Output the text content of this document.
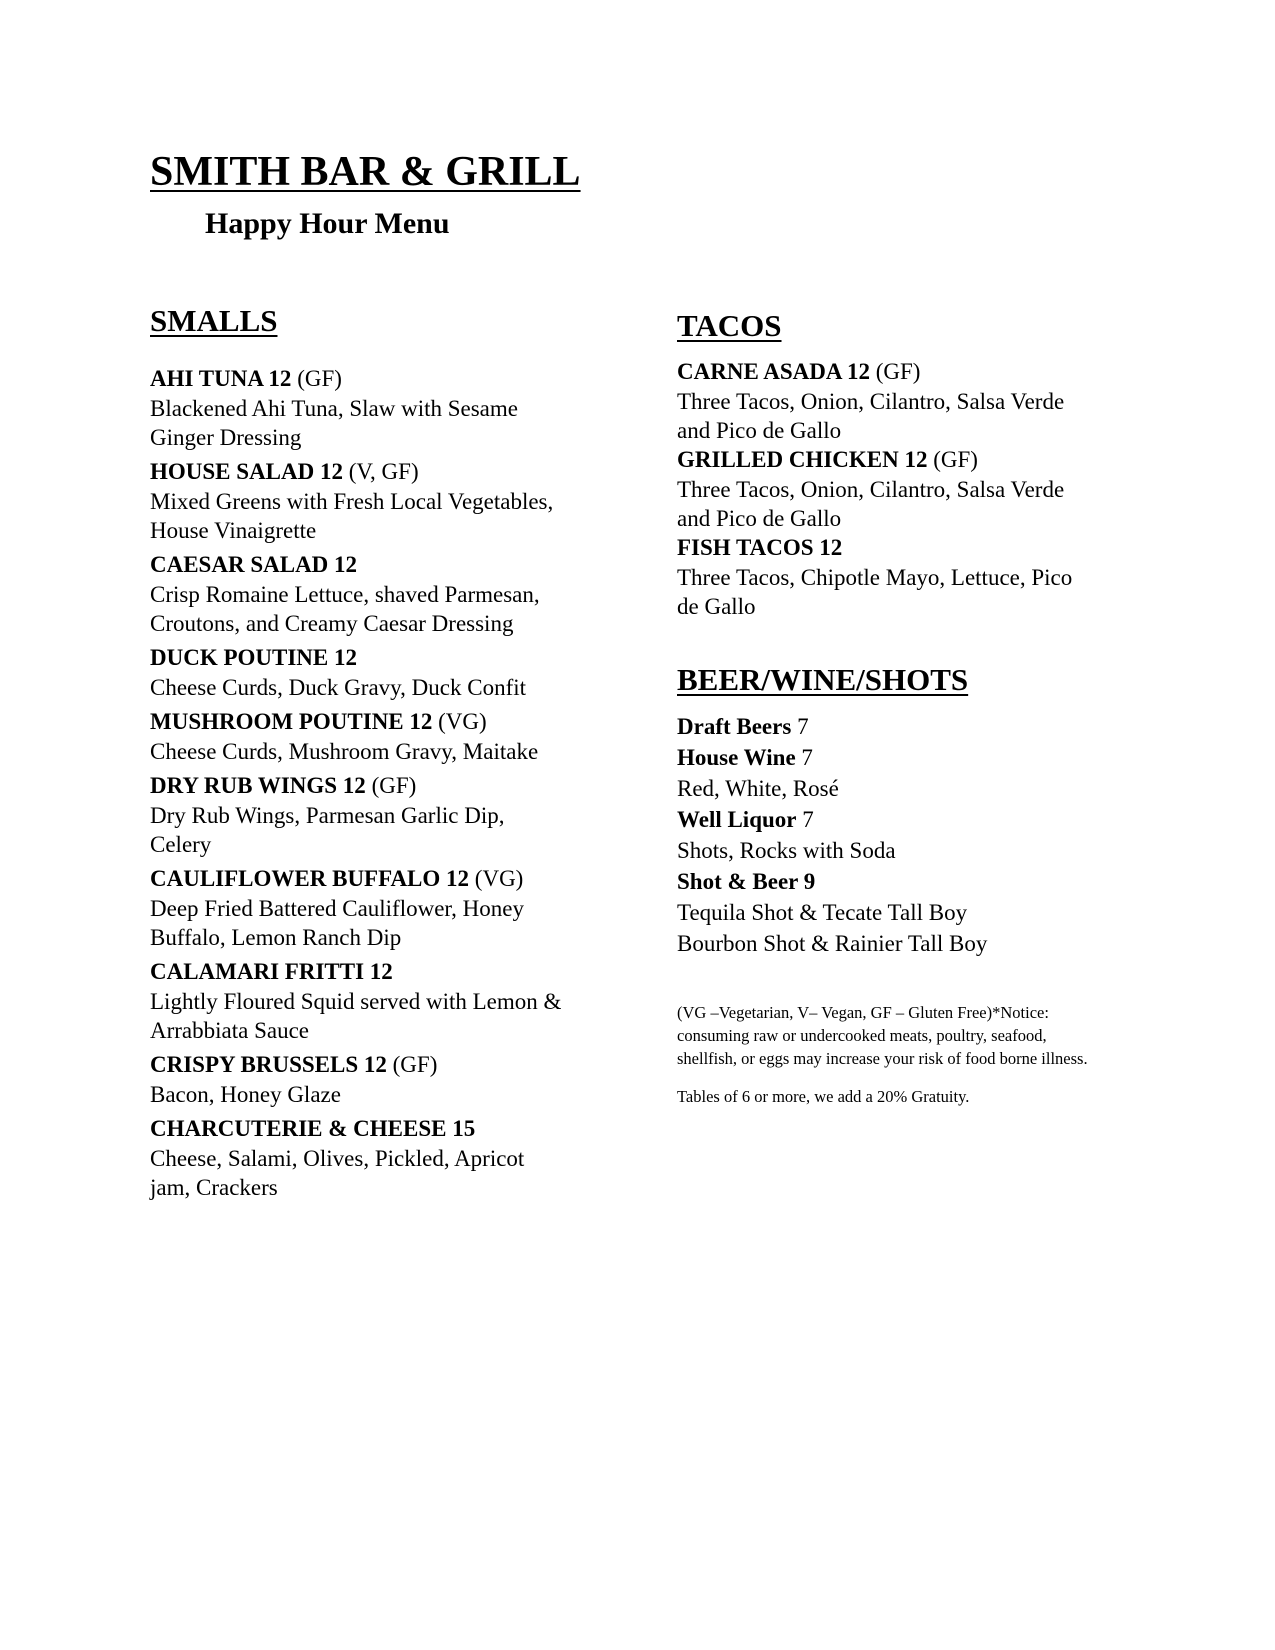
SMITH BAR & GRILL
Happy Hour Menu
SMALLS
AHI TUNA 12 (GF)
Blackened Ahi Tuna, Slaw with Sesame
Ginger Dressing
HOUSE SALAD 12 (V, GF)
Mixed Greens with Fresh Local Vegetables,
House Vinaigrette
CAESAR SALAD 12
Crisp Romaine Lettuce, shaved Parmesan,
Croutons, and Creamy Caesar Dressing
DUCK POUTINE 12
Cheese Curds, Duck Gravy, Duck Confit
MUSHROOM POUTINE 12 (VG)
Cheese Curds, Mushroom Gravy, Maitake
DRY RUB WINGS 12 (GF)
Dry Rub Wings, Parmesan Garlic Dip,
Celery
CAULIFLOWER BUFFALO 12 (VG)
Deep Fried Battered Cauliflower, Honey
Buffalo, Lemon Ranch Dip
CALAMARI FRITTI 12
Lightly Floured Squid served with Lemon &
Arrabbiata Sauce
CRISPY BRUSSELS 12 (GF)
Bacon, Honey Glaze
CHARCUTERIE & CHEESE 15
Cheese, Salami, Olives, Pickled, Apricot
jam, Crackers
TACOS
CARNE ASADA 12 (GF)
Three Tacos, Onion, Cilantro, Salsa Verde
and Pico de Gallo
GRILLED CHICKEN 12 (GF)
Three Tacos, Onion, Cilantro, Salsa Verde
and Pico de Gallo
FISH TACOS 12
Three Tacos, Chipotle Mayo, Lettuce, Pico
de Gallo
BEER/WINE/SHOTS
Draft Beers 7
House Wine 7
Red, White, Rosé
Well Liquor 7
Shots, Rocks with Soda
Shot & Beer 9
Tequila Shot & Tecate Tall Boy
Bourbon Shot & Rainier Tall Boy
(VG –Vegetarian, V– Vegan, GF – Gluten Free)*Notice: consuming raw or undercooked meats, poultry, seafood, shellfish, or eggs may increase your risk of food borne illness.
Tables of 6 or more, we add a 20% Gratuity.
